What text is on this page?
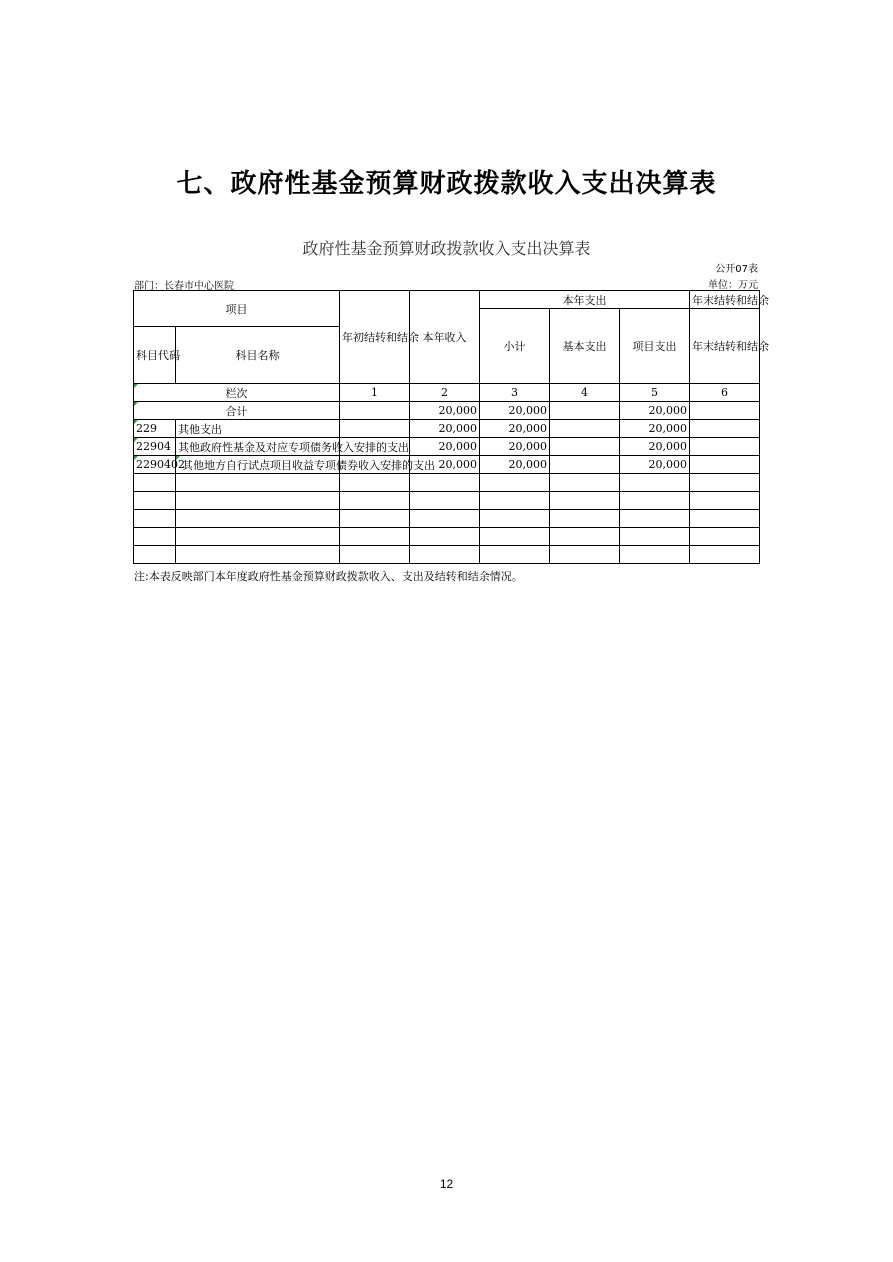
七、政府性基金预算财政拨款收入支出决算表
政府性基金预算财政拨款收入支出决算表
公开07表
单位：万元
部门：长春市中心医院
项目		年初结转和结余	本年收入	本年支出			年末结转和结余
				小计	基本支出	项目支出	年末结转和结余
科目代码	科目名称						
栏次		1	2	3	4	5	6
合计			20,000	20,000		20,000	
229	其他支出		20,000	20,000		20,000	
22904	其他政府性基金及对应专项债务收入安排的支出		20,000	20,000		20,000	
2290402	其他地方自行试点项目收益专项债券收入安排的支出		20,000	20,000		20,000	

注:本表反映部门本年度政府性基金预算财政拨款收入、支出及结转和结余情况。
12
